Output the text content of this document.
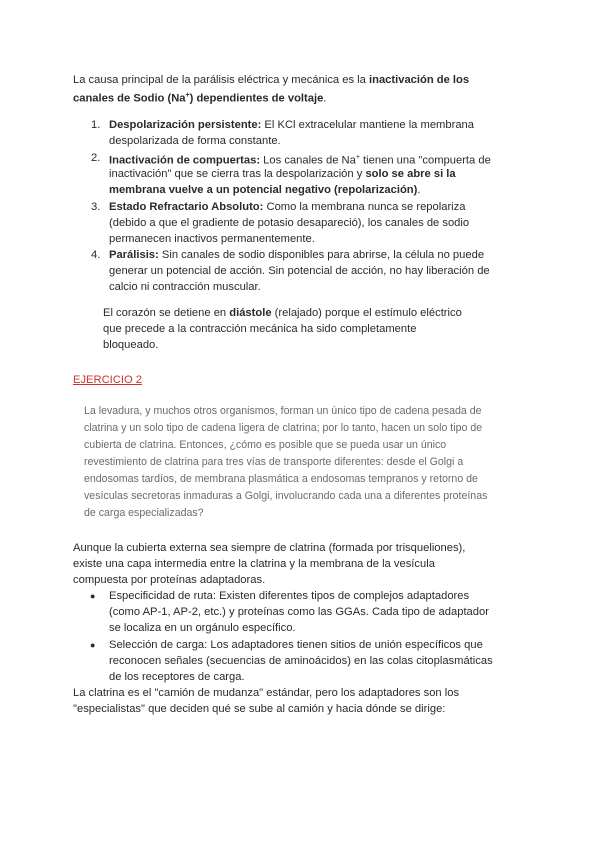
La causa principal de la parálisis eléctrica y mecánica es la inactivación de los
canales de Sodio (Na+) dependientes de voltaje.
1. Despolarización persistente: El KCl extracelular mantiene la membrana
despolarizada de forma constante.
2. Inactivación de compuertas: Los canales de Na+ tienen una "compuerta de
inactivación" que se cierra tras la despolarización y solo se abre si la
membrana vuelve a un potencial negativo (repolarización).
3. Estado Refractario Absoluto: Como la membrana nunca se repolariza
(debido a que el gradiente de potasio desapareció), los canales de sodio
permanecen inactivos permanentemente.
4. Parálisis: Sin canales de sodio disponibles para abrirse, la célula no puede
generar un potencial de acción. Sin potencial de acción, no hay liberación de
calcio ni contracción muscular.
El corazón se detiene en diástole (relajado) porque el estímulo eléctrico
que precede a la contracción mecánica ha sido completamente
bloqueado.
EJERCICIO 2
La levadura, y muchos otros organismos, forman un único tipo de cadena pesada de
clatrina y un solo tipo de cadena ligera de clatrina; por lo tanto, hacen un solo tipo de
cubierta de clatrina. Entonces, ¿cómo es posible que se pueda usar un único
revestimiento de clatrina para tres vías de transporte diferentes: desde el Golgi a
endosomas tardíos, de membrana plasmática a endosomas tempranos y retorno de
vesículas secretoras inmaduras a Golgi, involucrando cada una a diferentes proteínas
de carga especializadas?
Aunque la cubierta externa sea siempre de clatrina (formada por trisqueliones),
existe una capa intermedia entre la clatrina y la membrana de la vesícula
compuesta por proteínas adaptadoras.
● Especificidad de ruta: Existen diferentes tipos de complejos adaptadores
(como AP-1, AP-2, etc.) y proteínas como las GGAs. Cada tipo de adaptador
se localiza en un orgánulo específico.
● Selección de carga: Los adaptadores tienen sitios de unión específicos que
reconocen señales (secuencias de aminoácidos) en las colas citoplasmáticas
de los receptores de carga.
La clatrina es el "camión de mudanza" estándar, pero los adaptadores son los
"especialistas" que deciden qué se sube al camión y hacia dónde se dirige:
